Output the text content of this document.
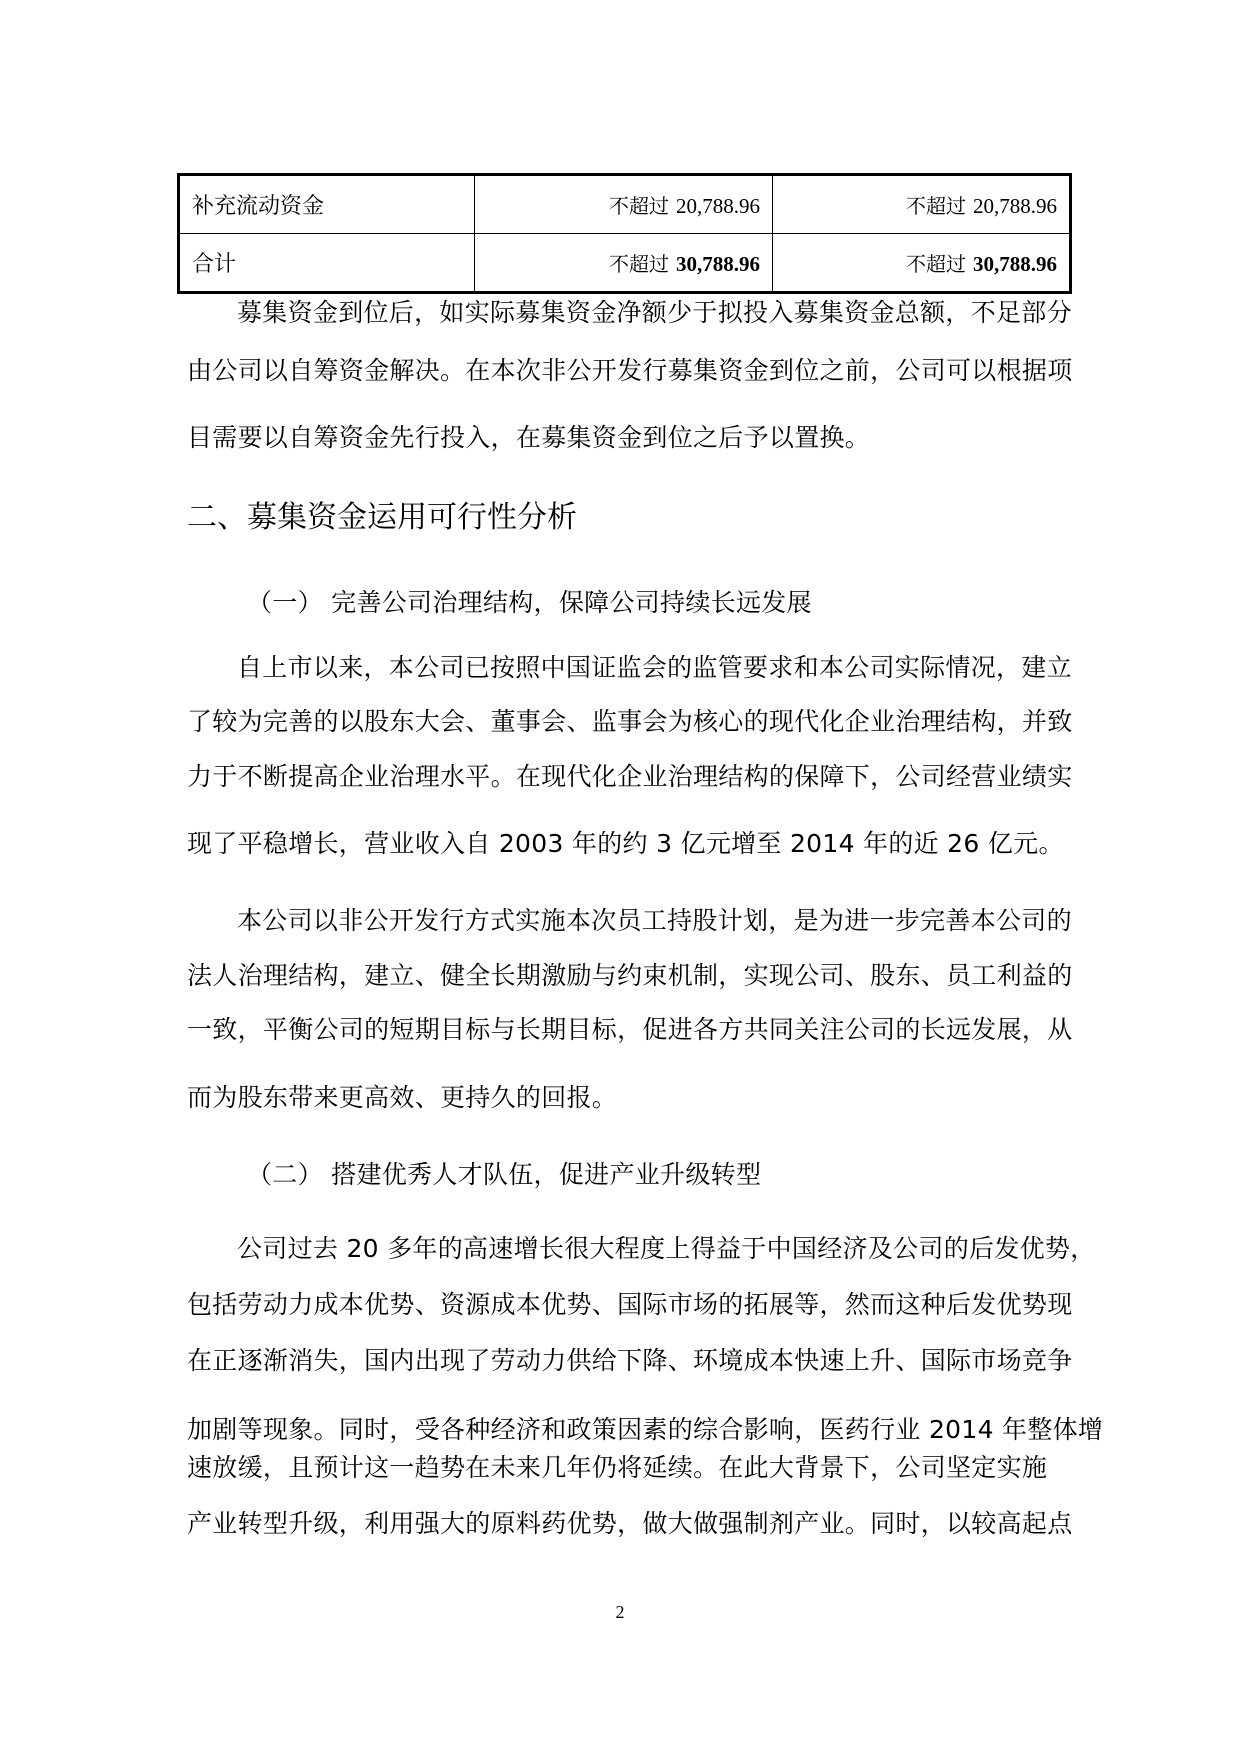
补充流动资金	不超过 20,788.96	不超过 20,788.96
合计	不超过 30,788.96	不超过 30,788.96
募集资金到位后，如实际募集资金净额少于拟投入募集资金总额，不足部分
由公司以自筹资金解决。在本次非公开发行募集资金到位之前，公司可以根据项
目需要以自筹资金先行投入，在募集资金到位之后予以置换。
二、募集资金运用可行性分析
（一） 完善公司治理结构，保障公司持续长远发展
自上市以来，本公司已按照中国证监会的监管要求和本公司实际情况，建立
了较为完善的以股东大会、董事会、监事会为核心的现代化企业治理结构，并致
力于不断提高企业治理水平。在现代化企业治理结构的保障下，公司经营业绩实
现了平稳增长，营业收入自 2003 年的约 3 亿元增至 2014 年的近 26 亿元。
本公司以非公开发行方式实施本次员工持股计划，是为进一步完善本公司的
法人治理结构，建立、健全长期激励与约束机制，实现公司、股东、员工利益的
一致，平衡公司的短期目标与长期目标，促进各方共同关注公司的长远发展，从
而为股东带来更高效、更持久的回报。
（二） 搭建优秀人才队伍，促进产业升级转型
公司过去 20 多年的高速增长很大程度上得益于中国经济及公司的后发优势，
包括劳动力成本优势、资源成本优势、国际市场的拓展等，然而这种后发优势现
在正逐渐消失，国内出现了劳动力供给下降、环境成本快速上升、国际市场竞争
加剧等现象。同时，受各种经济和政策因素的综合影响，医药行业 2014 年整体增
速放缓，且预计这一趋势在未来几年仍将延续。在此大背景下，公司坚定实施
产业转型升级，利用强大的原料药优势，做大做强制剂产业。同时，以较高起点
2
